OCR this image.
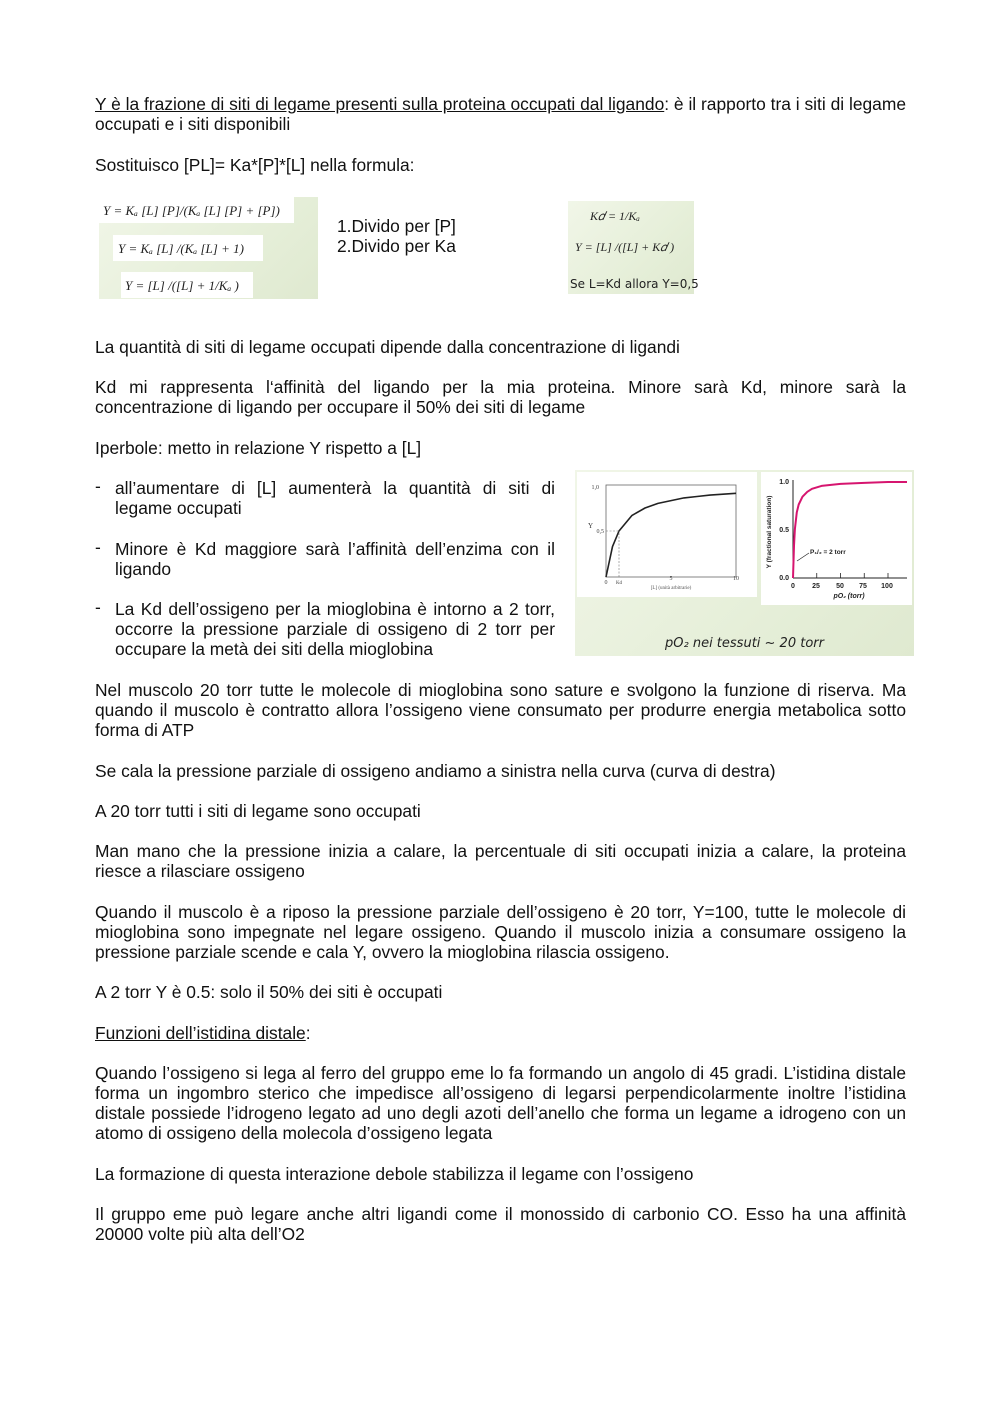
Y è la frazione di siti di legame presenti sulla proteina occupati dal ligando: è il rapporto tra i siti di legame occupati e i siti disponibili

Sostituisco [PL]= Ka*[P]*[L] nella formula:

Y = Kₐ [L] [P]/(Kₐ [L] [P] + [P])
Y = Kₐ [L] /(Kₐ [L] + 1)
Y = [L] /([L] + 1/Kₐ )
1.Divido per [P]
2.Divido per Ka
K𝑑 = 1/Kₐ
Y = [L] /([L] + K𝑑 )
Se L=Kd allora Y=0,5

La quantità di siti di legame occupati dipende dalla concentrazione di ligandi

Kd mi rappresenta l‘affinità del ligando per la mia proteina. Minore sarà Kd, minore sarà la concentrazione di ligando per occupare il 50% dei siti di legame

Iperbole: metto in relazione Y rispetto a [L]

- all’aumentare di [L] aumenterà la quantità di siti di legame occupati
- Minore è Kd maggiore sarà l’affinità dell’enzima con il ligando
- La Kd dell’ossigeno per la mioglobina è intorno a 2 torr, occorre la pressione parziale di ossigeno di 2 torr per occupare la metà dei siti della mioglobina
1,0
0,5
Y
0 Kd
5	10
[L] (unità arbitrarie)
1.0
0.5
0.0
Y (fractional saturation)
0 25 50 75 100
pO₂ (torr)
P₁/₂ = 2 torr
pO₂ nei tessuti ~ 20 torr

Nel muscolo 20 torr tutte le molecole di mioglobina sono sature e svolgono la funzione di riserva. Ma quando il muscolo è contratto allora l’ossigeno viene consumato per produrre energia metabolica sotto forma di ATP

Se cala la pressione parziale di ossigeno andiamo a sinistra nella curva (curva di destra)

A 20 torr tutti i siti di legame sono occupati

Man mano che la pressione inizia a calare, la percentuale di siti occupati inizia a calare, la proteina riesce a rilasciare ossigeno

Quando il muscolo è a riposo la pressione parziale dell’ossigeno è 20 torr, Y=100, tutte le molecole di mioglobina sono impegnate nel legare ossigeno. Quando il muscolo inizia a consumare ossigeno la pressione parziale scende e cala Y, ovvero la mioglobina rilascia ossigeno.

A 2 torr Y è 0.5: solo il 50% dei siti è occupati

Funzioni dell’istidina distale:

Quando l’ossigeno si lega al ferro del gruppo eme lo fa formando un angolo di 45 gradi. L’istidina distale forma un ingombro sterico che impedisce all’ossigeno di legarsi perpendicolarmente inoltre l’istidina distale possiede l’idrogeno legato ad uno degli azoti dell’anello che forma un legame a idrogeno con un atomo di ossigeno della molecola d’ossigeno legata

La formazione di questa interazione debole stabilizza il legame con l’ossigeno

Il gruppo eme può legare anche altri ligandi come il monossido di carbonio CO. Esso ha una affinità 20000 volte più alta dell’O2
